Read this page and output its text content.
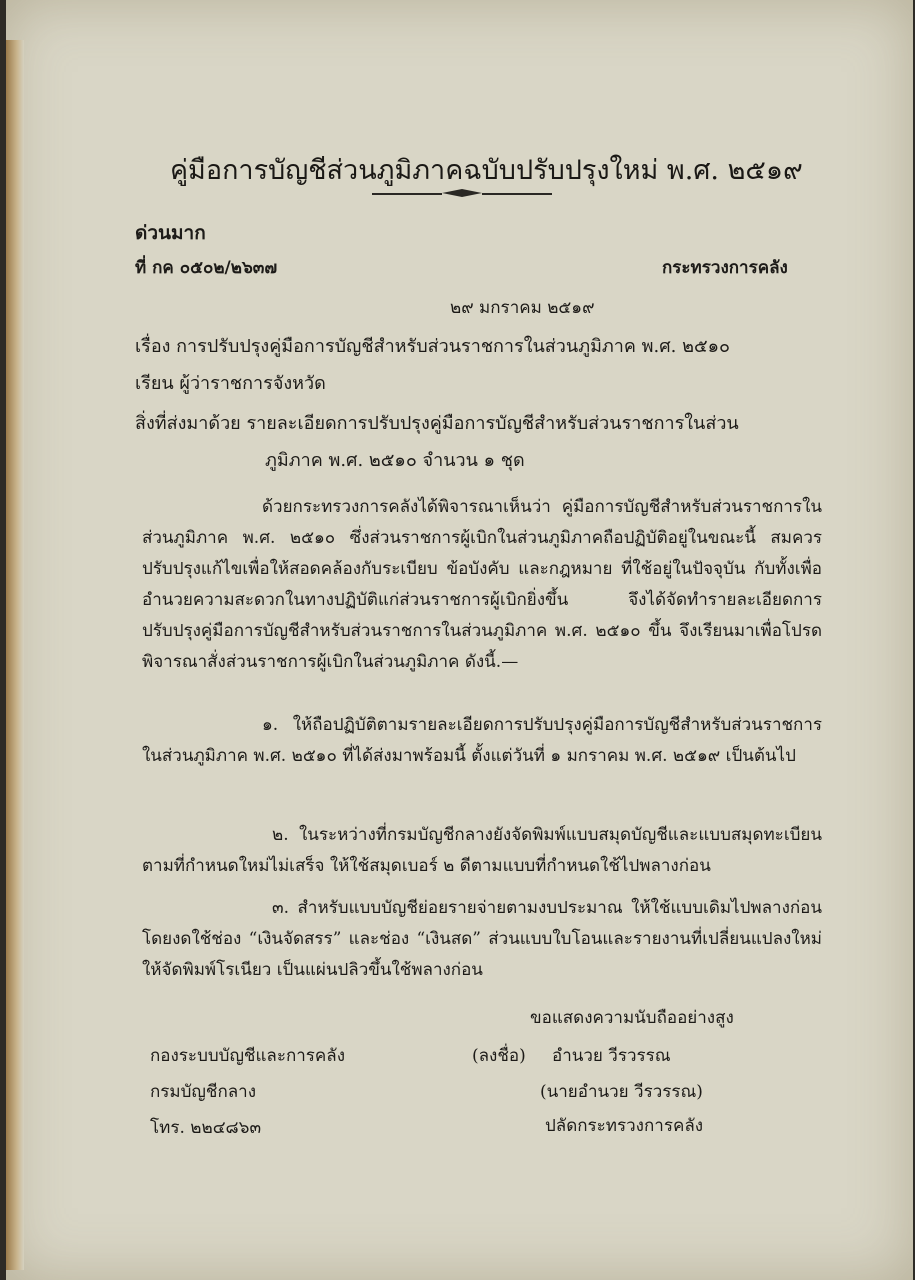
คู่มือการบัญชีส่วนภูมิภาคฉบับปรับปรุงใหม่ พ.ศ. ๒๕๑๙
ด่วนมาก
ที่ กค ๐๕๐๒/๒๖๓๗	กระทรวงการคลัง
๒๙ มกราคม ๒๕๑๙
เรื่อง การปรับปรุงคู่มือการบัญชีสำหรับส่วนราชการในส่วนภูมิภาค พ.ศ. ๒๕๑๐
เรียน ผู้ว่าราชการจังหวัด
สิ่งที่ส่งมาด้วย รายละเอียดการปรับปรุงคู่มือการบัญชีสำหรับส่วนราชการในส่วน
ภูมิภาค พ.ศ. ๒๕๑๐ จำนวน ๑ ชุด
ด้วยกระทรวงการคลังได้พิจารณาเห็นว่า คู่มือการบัญชีสำหรับส่วนราชการในส่วนภูมิภาค พ.ศ. ๒๕๑๐ ซึ่งส่วนราชการผู้เบิกในส่วนภูมิภาคถือปฏิบัติอยู่ในขณะนี้ สมควรปรับปรุงแก้ไขเพื่อให้สอดคล้องกับระเบียบ ข้อบังคับ และกฎหมาย ที่ใช้อยู่ในปัจจุบัน กับทั้งเพื่ออำนวยความสะดวกในทางปฏิบัติแก่ส่วนราชการผู้เบิกยิ่งขึ้น จึงได้จัดทำรายละเอียดการปรับปรุงคู่มือการบัญชีสำหรับส่วนราชการในส่วนภูมิภาค พ.ศ. ๒๕๑๐ ขึ้น จึงเรียนมาเพื่อโปรดพิจารณาสั่งส่วนราชการผู้เบิกในส่วนภูมิภาค ดังนี้.—
๑. ให้ถือปฏิบัติตามรายละเอียดการปรับปรุงคู่มือการบัญชีสำหรับส่วนราชการในส่วนภูมิภาค พ.ศ. ๒๕๑๐ ที่ได้ส่งมาพร้อมนี้ ตั้งแต่วันที่ ๑ มกราคม พ.ศ. ๒๕๑๙ เป็นต้นไป
๒. ในระหว่างที่กรมบัญชีกลางยังจัดพิมพ์แบบสมุดบัญชีและแบบสมุดทะเบียนตามที่กำหนดใหม่ไม่เสร็จ ให้ใช้สมุดเบอร์ ๒ ดีตามแบบที่กำหนดใช้ไปพลางก่อน
๓. สำหรับแบบบัญชีย่อยรายจ่ายตามงบประมาณ ให้ใช้แบบเดิมไปพลางก่อนโดยงดใช้ช่อง “เงินจัดสรร” และช่อง “เงินสด” ส่วนแบบใบโอนและรายงานที่เปลี่ยนแปลงใหม่ให้จัดพิมพ์โรเนียว เป็นแผ่นปลิวขึ้นใช้พลางก่อน
ขอแสดงความนับถืออย่างสูง
กองระบบบัญชีและการคลัง	(ลงชื่อ) อำนวย วีรวรรณ
กรมบัญชีกลาง	(นายอำนวย วีรวรรณ)
โทร. ๒๒๔๘๖๓	ปลัดกระทรวงการคลัง
